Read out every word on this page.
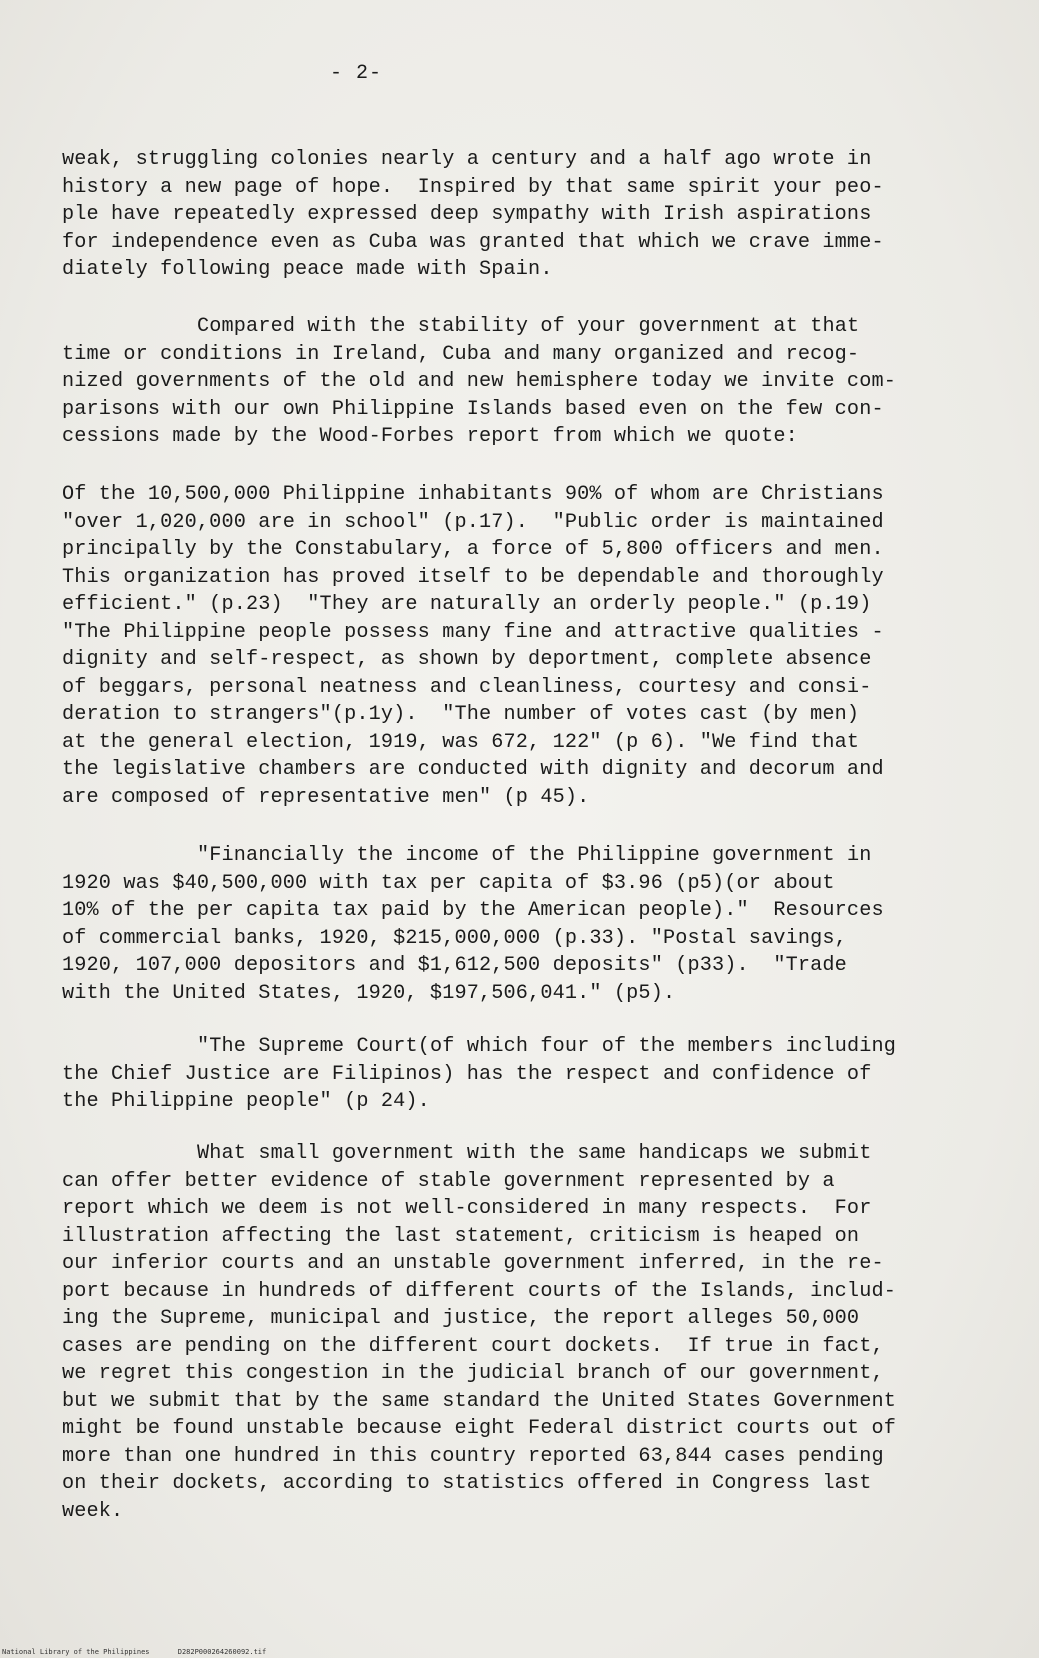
- 2-
weak, struggling colonies nearly a century and a half ago wrote in
history a new page of hope.  Inspired by that same spirit your peo-
ple have repeatedly expressed deep sympathy with Irish aspirations
for independence even as Cuba was granted that which we crave imme-
diately following peace made with Spain.
Compared with the stability of your government at that
time or conditions in Ireland, Cuba and many organized and recog-
nized governments of the old and new hemisphere today we invite com-
parisons with our own Philippine Islands based even on the few con-
cessions made by the Wood-Forbes report from which we quote:
Of the 10,500,000 Philippine inhabitants 90% of whom are Christians
"over 1,020,000 are in school" (p.17).  "Public order is maintained
principally by the Constabulary, a force of 5,800 officers and men.
This organization has proved itself to be dependable and thoroughly
efficient." (p.23)  "They are naturally an orderly people." (p.19)
"The Philippine people possess many fine and attractive qualities -
dignity and self-respect, as shown by deportment, complete absence
of beggars, personal neatness and cleanliness, courtesy and consi-
deration to strangers"(p.1y).  "The number of votes cast (by men)
at the general election, 1919, was 672, 122" (p 6). "We find that
the legislative chambers are conducted with dignity and decorum and
are composed of representative men" (p 45).
"Financially the income of the Philippine government in
1920 was $40,500,000 with tax per capita of $3.96 (p5)(or about
10% of the per capita tax paid by the American people)."  Resources
of commercial banks, 1920, $215,000,000 (p.33). "Postal savings,
1920, 107,000 depositors and $1,612,500 deposits" (p33).  "Trade
with the United States, 1920, $197,506,041." (p5).
"The Supreme Court(of which four of the members including
the Chief Justice are Filipinos) has the respect and confidence of
the Philippine people" (p 24).
What small government with the same handicaps we submit
can offer better evidence of stable government represented by a
report which we deem is not well-considered in many respects.  For
illustration affecting the last statement, criticism is heaped on
our inferior courts and an unstable government inferred, in the re-
port because in hundreds of different courts of the Islands, includ-
ing the Supreme, municipal and justice, the report alleges 50,000
cases are pending on the different court dockets.  If true in fact,
we regret this congestion in the judicial branch of our government,
but we submit that by the same standard the United States Government
might be found unstable because eight Federal district courts out of
more than one hundred in this country reported 63,844 cases pending
on their dockets, according to statistics offered in Congress last
week.
National Library of the Philippines	D282P000264260092.tif
